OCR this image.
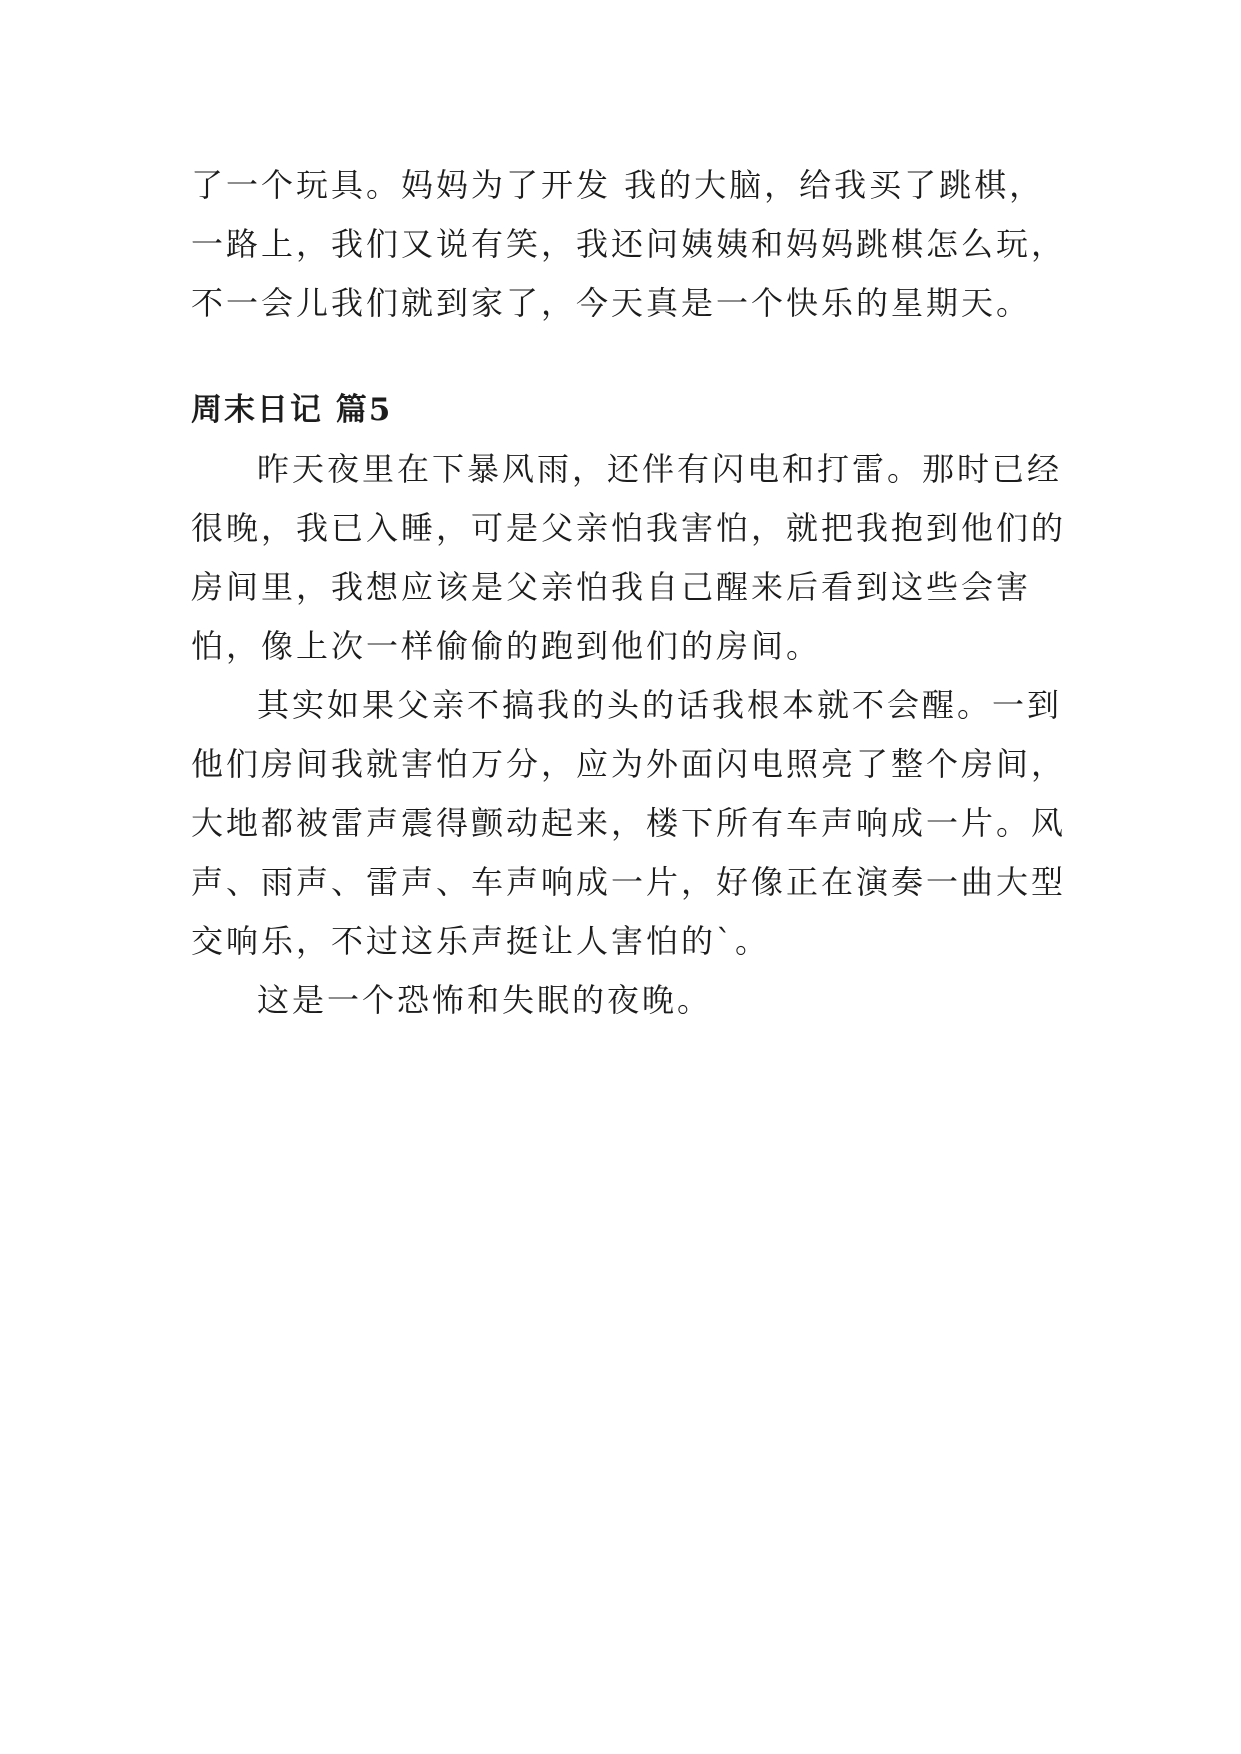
了一个玩具。妈妈为了开发 我的大脑，给我买了跳棋，一路上，我们又说有笑，我还问姨姨和妈妈跳棋怎么玩，不一会儿我们就到家了，今天真是一个快乐的星期天。

周末日记 篇5

昨天夜里在下暴风雨，还伴有闪电和打雷。那时已经很晚，我已入睡，可是父亲怕我害怕，就把我抱到他们的房间里，我想应该是父亲怕我自己醒来后看到这些会害怕，像上次一样偷偷的跑到他们的房间。

其实如果父亲不搞我的头的话我根本就不会醒。一到他们房间我就害怕万分，应为外面闪电照亮了整个房间，大地都被雷声震得颤动起来，楼下所有车声响成一片。风声、雨声、雷声、车声响成一片，好像正在演奏一曲大型交响乐，不过这乐声挺让人害怕的`。

这是一个恐怖和失眠的夜晚。
